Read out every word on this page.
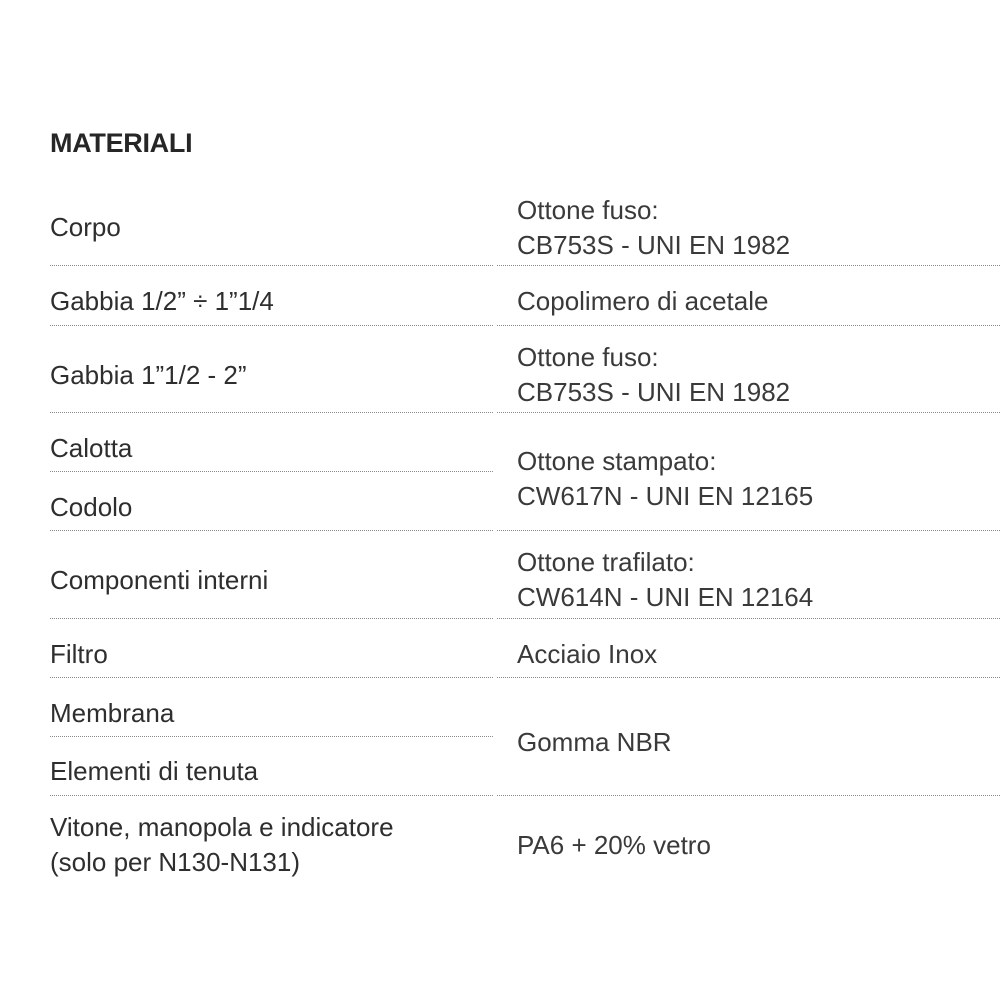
MATERIALI
Corpo
Ottone fuso:
CB753S - UNI EN 1982
Gabbia 1/2” ÷ 1”1/4	Copolimero di acetale
Gabbia 1”1/2 - 2”
Ottone fuso:
CB753S - UNI EN 1982
Calotta
Codolo
Ottone stampato:
CW617N - UNI EN 12165
Componenti interni
Ottone trafilato:
CW614N - UNI EN 12164
Filtro	Acciaio Inox
Membrana
Elementi di tenuta
Gomma NBR
Vitone, manopola e indicatore
(solo per N130-N131)
PA6 + 20% vetro
